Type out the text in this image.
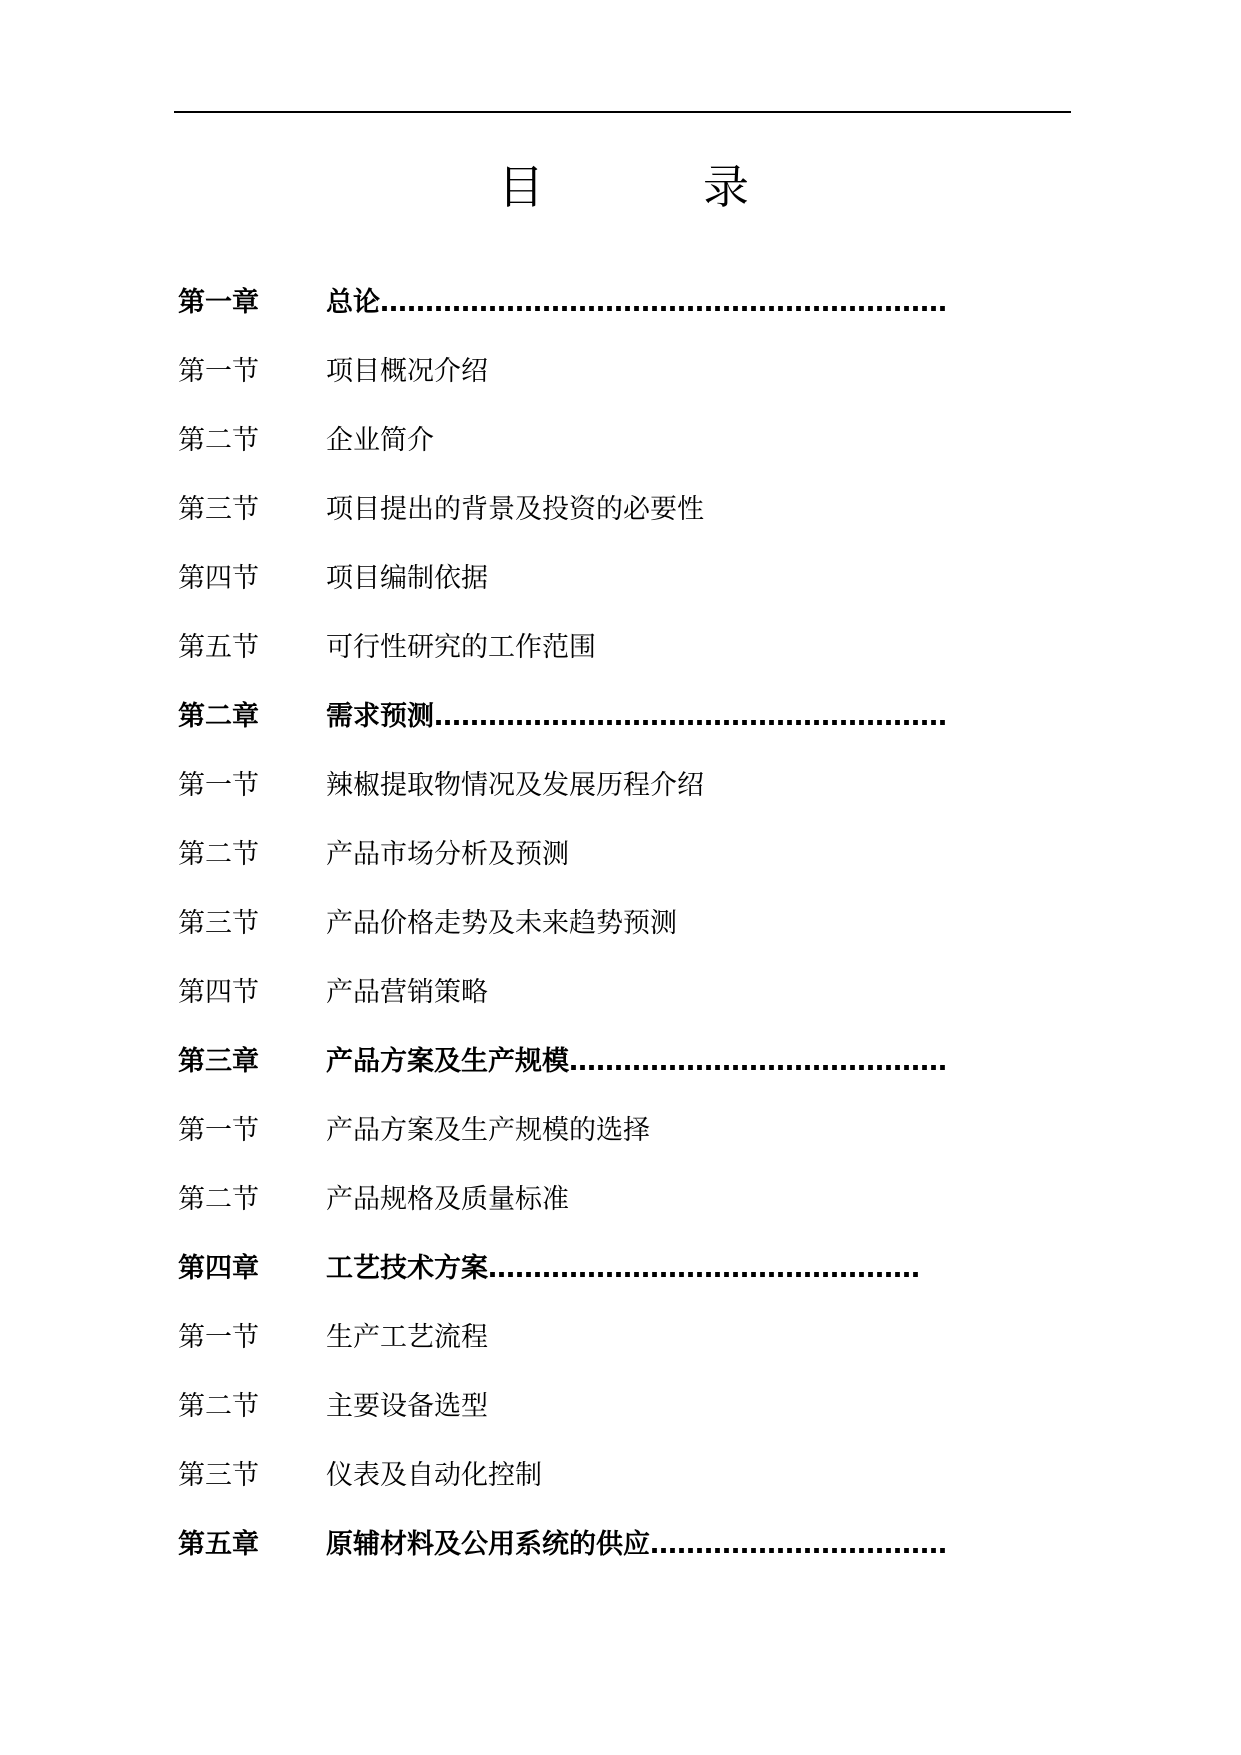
目	录
第一章 总论………………………………………………………
第一节 项目概况介绍
第二节 企业简介
第三节 项目提出的背景及投资的必要性
第四节 项目编制依据
第五节 可行性研究的工作范围
第二章 需求预测…………………………………………………
第一节 辣椒提取物情况及发展历程介绍
第二节 产品市场分析及预测
第三节 产品价格走势及未来趋势预测
第四节 产品营销策略
第三章 产品方案及生产规模……………………………………
第一节 产品方案及生产规模的选择
第二节 产品规格及质量标准
第四章 工艺技术方案…………………………………………
第一节 生产工艺流程
第二节 主要设备选型
第三节 仪表及自动化控制
第五章 原辅材料及公用系统的供应……………………………
